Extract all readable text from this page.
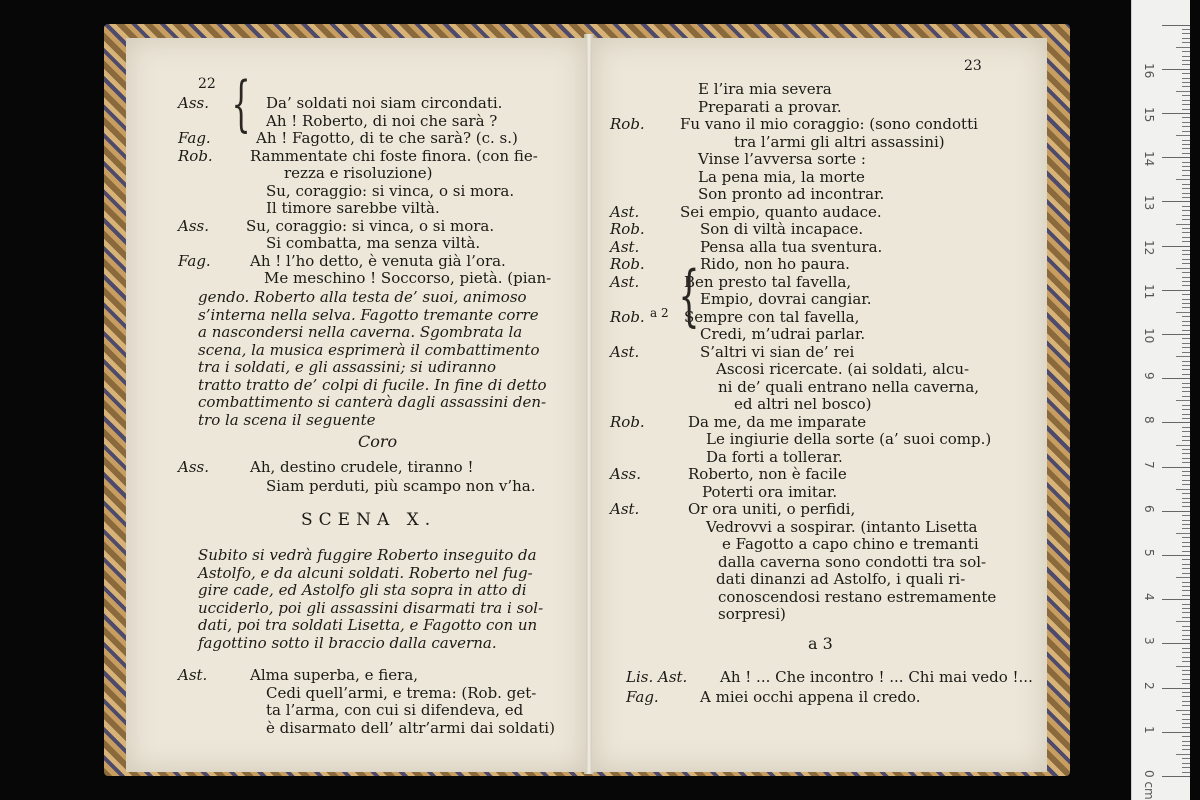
22 {
Ass.	Da’ soldati noi siam circondati.
Ah ! Roberto, di noi che sarà ?
Fag.	Ah ! Fagotto, di te che sarà? (c. s.)
Rob. Rammentate chi foste finora. (con fie-
rezza e risoluzione)
Su, coraggio: si vinca, o si mora.
Il timore sarebbe viltà.
Ass. Su, coraggio: si vinca, o si mora.
Si combatta, ma senza viltà.
Fag.	Ah ! l’ho detto, è venuta già l’ora.
Me meschino ! Soccorso, pietà. (pian-
gendo. Roberto alla testa de’ suoi, animoso
s’interna nella selva. Fagotto tremante corre
a nascondersi nella caverna. Sgombrata la
scena, la musica esprimerà il combattimento
tra i soldati, e gli assassini; si udiranno
tratto tratto de’ colpi di fucile. In fine di detto
combattimento si canterà dagli assassini den-
tro la scena il seguente
Coro
Ass.	Ah, destino crudele, tiranno !
Siam perduti, più scampo non v’ha.
SCENA X.
Subito si vedrà fuggire Roberto inseguito da
Astolfo, e da alcuni soldati. Roberto nel fug-
gire cade, ed Astolfo gli sta sopra in atto di
ucciderlo, poi gli assassini disarmati tra i sol-
dati, poi tra soldati Lisetta, e Fagotto con un
fagottino sotto il braccio dalla caverna.
Ast.	Alma superba, e fiera,
Cedi quell’armi, e trema: (Rob. get-
ta l’arma, con cui si difendeva, ed
è disarmato dell’ altr’armi dai soldati)
23
E l’ira mia severa
Preparati a provar.
Rob. Fu vano il mio coraggio: (sono condotti
tra l’armi gli altri assassini)
Vinse l’avversa sorte :
La pena mia, la morte
Son pronto ad incontrar.
Ast.	Sei empio, quanto audace.
Rob.	Son di viltà incapace.
Ast.	Pensa alla tua sventura.
Rob.	Rido, non ho paura.
Ast.	Ben presto tal favella,
Empio, dovrai cangiar.
Rob.	Sempre con tal favella,
Credi, m’udrai parlar.
Ast.	S’altri vi sian de’ rei
Ascosi ricercate. (ai soldati, alcu-
ni de’ quali entrano nella caverna,
ed altri nel bosco)
Rob.	Da me, da me imparate
Le ingiurie della sorte (a’ suoi comp.)
Da forti a tollerar.
Ass.	Roberto, non è facile
Poterti ora imitar.
Ast.	Or ora uniti, o perfidi,
Vedrovvi a sospirar. (intanto Lisetta
e Fagotto a capo chino e tremanti
dalla caverna sono condotti tra sol-
dati dinanzi ad Astolfo, i quali ri-
conoscendosi restano estremamente
sorpresi)
a 2 {
a 3
Lis. Ast. Ah ! ... Che incontro ! ... Chi mai vedo !...
Fag.	A miei occhi appena il credo.
0 cm
1
2
3
4
5
6
7
8
9
10
11
12
13
14
15
16
